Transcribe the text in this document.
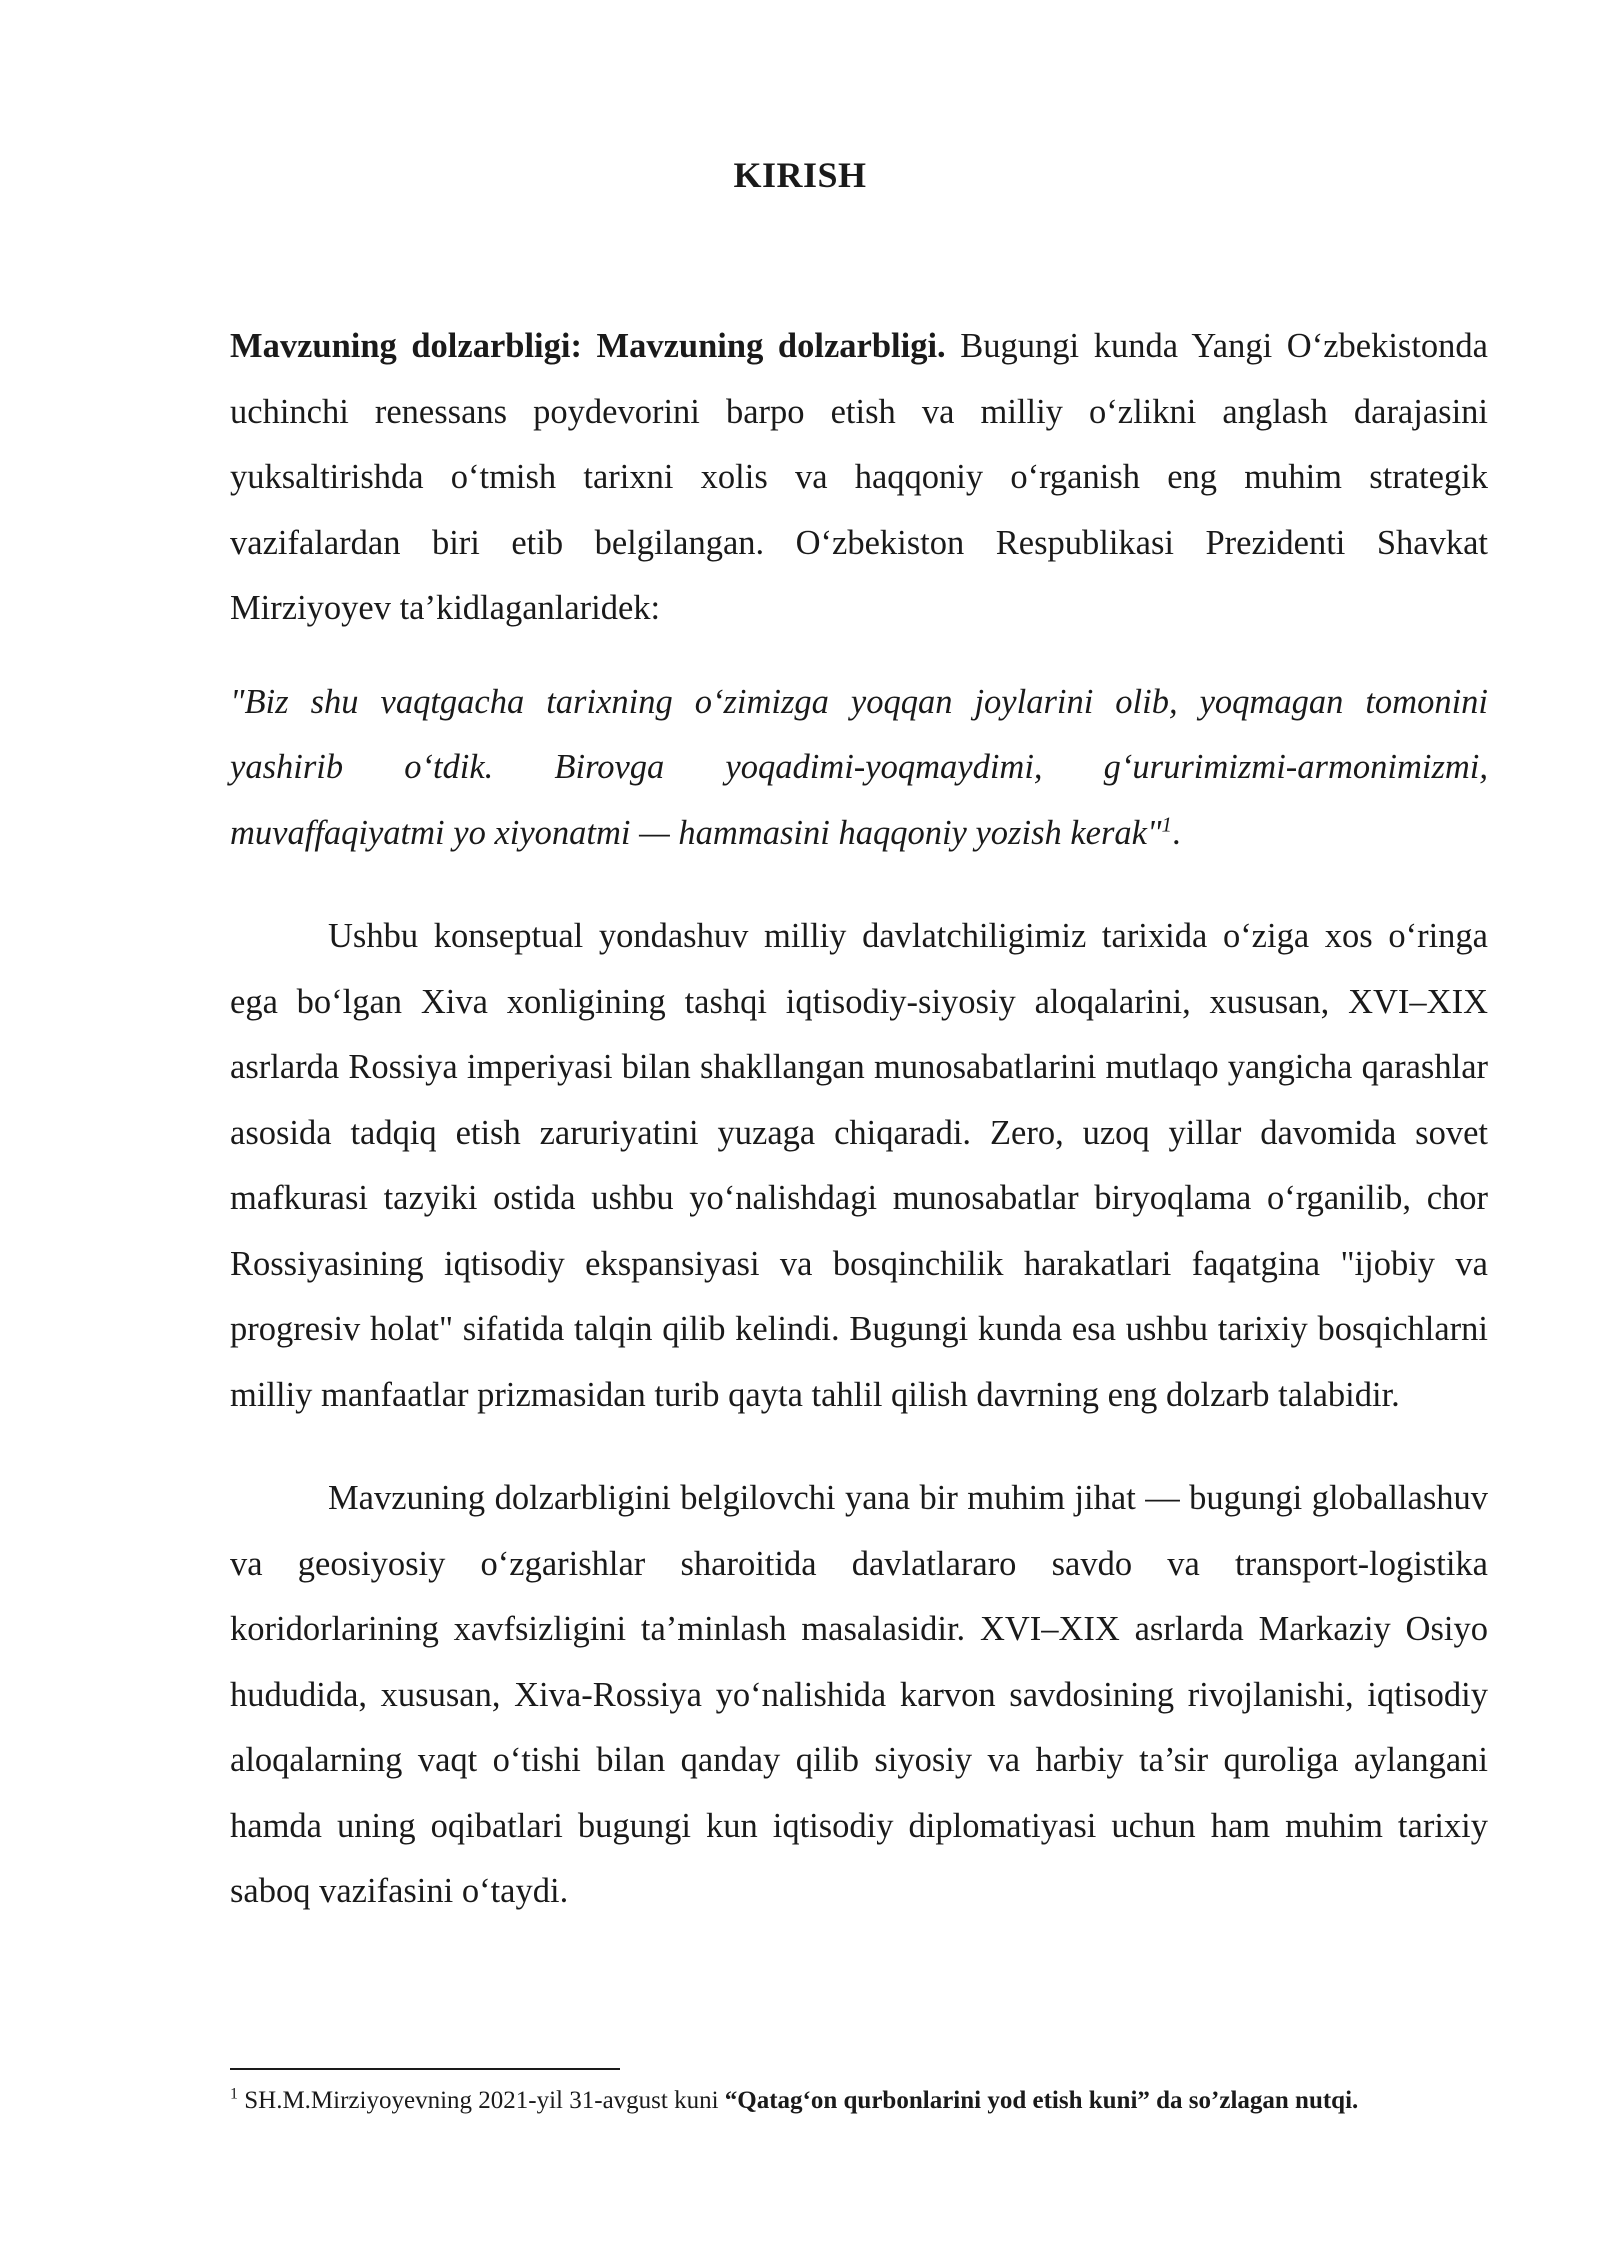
KIRISH

Mavzuning dolzarbligi: Mavzuning dolzarbligi. Bugungi kunda Yangi O‘zbekistonda uchinchi renessans poydevorini barpo etish va milliy o‘zlikni anglash darajasini yuksaltirishda o‘tmish tarixni xolis va haqqoniy o‘rganish eng muhim strategik vazifalardan biri etib belgilangan. O‘zbekiston Respublikasi Prezidenti Shavkat Mirziyoyev ta’kidlaganlaridek:

"Biz shu vaqtgacha tarixning o‘zimizga yoqqan joylarini olib, yoqmagan tomonini yashirib o‘tdik. Birovga yoqadimi-yoqmaydimi, g‘ururimizmi-armonimizmi, muvaffaqiyatmi yo xiyonatmi — hammasini haqqoniy yozish kerak"$^1$.

Ushbu konseptual yondashuv milliy davlatchiligimiz tarixida o‘ziga xos o‘ringa ega bo‘lgan Xiva xonligining tashqi iqtisodiy-siyosiy aloqalarini, xususan, XVI–XIX asrlarda Rossiya imperiyasi bilan shakllangan munosabatlarini mutlaqo yangicha qarashlar asosida tadqiq etish zaruriyatini yuzaga chiqaradi. Zero, uzoq yillar davomida sovet mafkurasi tazyiki ostida ushbu yo‘nalishdagi munosabatlar biryoqlama o‘rganilib, chor Rossiyasining iqtisodiy ekspansiyasi va bosqinchilik harakatlari faqatgina "ijobiy va progresiv holat" sifatida talqin qilib kelindi. Bugungi kunda esa ushbu tarixiy bosqichlarni milliy manfaatlar prizmasidan turib qayta tahlil qilish davrning eng dolzarb talabidir.

Mavzuning dolzarbligini belgilovchi yana bir muhim jihat — bugungi globallashuv va geosiyosiy o‘zgarishlar sharoitida davlatlararo savdo va transport-logistika koridorlarining xavfsizligini ta’minlash masalasidir. XVI–XIX asrlarda Markaziy Osiyo hududida, xususan, Xiva-Rossiya yo‘nalishida karvon savdosining rivojlanishi, iqtisodiy aloqalarning vaqt o‘tishi bilan qanday qilib siyosiy va harbiy ta’sir quroliga aylangani hamda uning oqibatlari bugungi kun iqtisodiy diplomatiyasi uchun ham muhim tarixiy saboq vazifasini o‘taydi.

$^1$ SH.M.Mirziyoyevning 2021-yil 31-avgust kuni “Qatag‘on qurbonlarini yod etish kuni” da so’zlagan nutqi.
